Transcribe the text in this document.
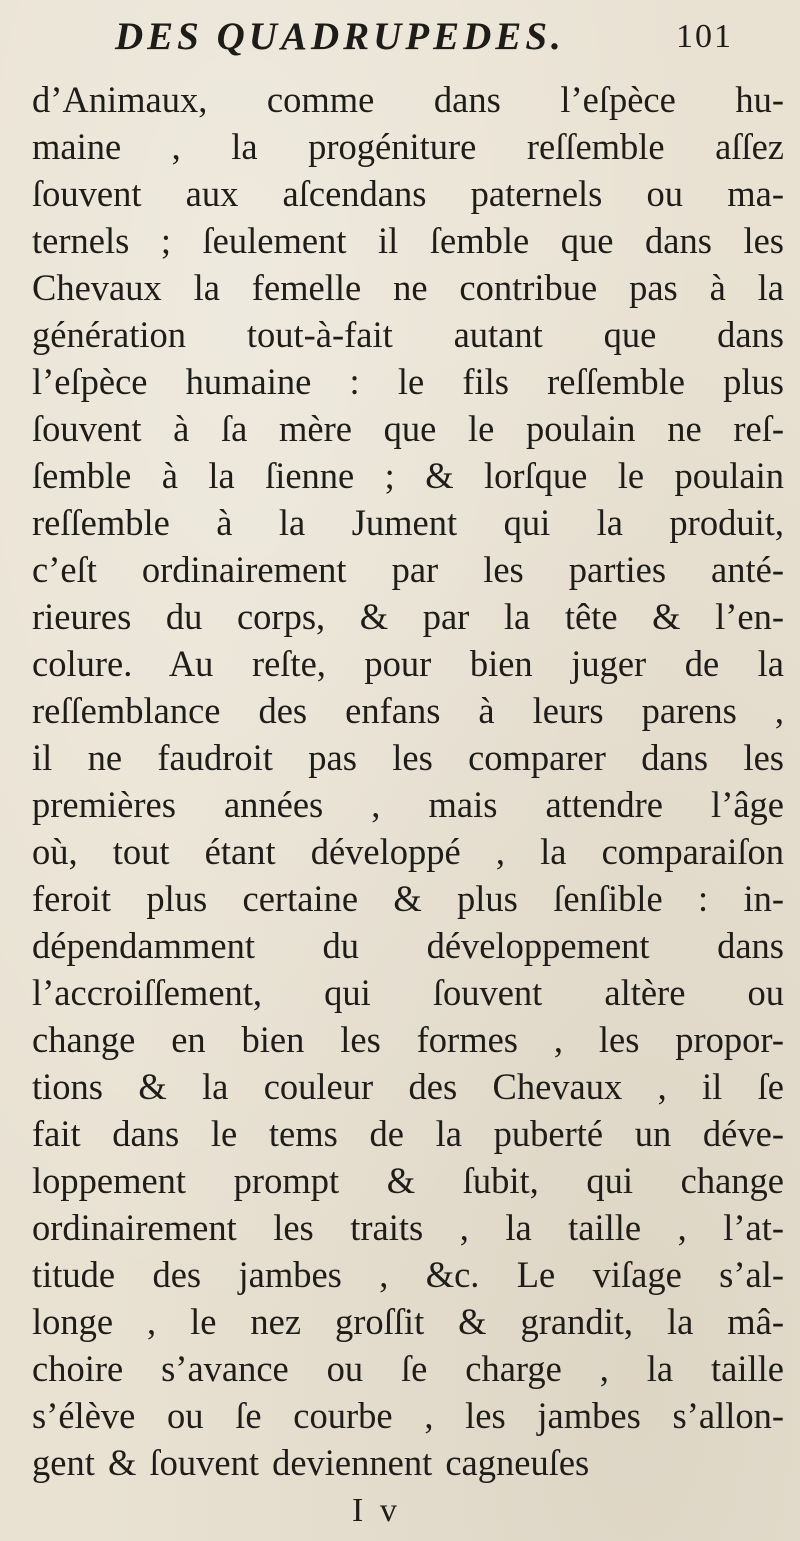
DES QUADRUPEDES.	101
d’Animaux, comme dans l’eſpèce hu-
maine , la progéniture reſſemble aſſez
ſouvent aux aſcendans paternels ou ma-
ternels ; ſeulement il ſemble que dans les
Chevaux la femelle ne contribue pas à la
génération tout-à-fait autant que dans
l’eſpèce humaine : le fils reſſemble plus
ſouvent à ſa mère que le poulain ne reſ-
ſemble à la ſienne ; & lorſque le poulain
reſſemble à la Jument qui la produit,
c’eſt ordinairement par les parties anté-
rieures du corps, & par la tête & l’en-
colure. Au reſte, pour bien juger de la
reſſemblance des enfans à leurs parens ,
il ne faudroit pas les comparer dans les
premières années , mais attendre l’âge
où, tout étant développé , la comparaiſon
feroit plus certaine & plus ſenſible : in-
dépendamment du développement dans
l’accroiſſement, qui ſouvent altère ou
change en bien les formes , les propor-
tions & la couleur des Chevaux , il ſe
fait dans le tems de la puberté un déve-
loppement prompt & ſubit, qui change
ordinairement les traits , la taille , l’at-
titude des jambes , &c. Le viſage s’al-
longe , le nez groſſit & grandit, la mâ-
choire s’avance ou ſe charge , la taille
s’élève ou ſe courbe , les jambes s’allon-
gent & ſouvent deviennent cagneuſes
I v
